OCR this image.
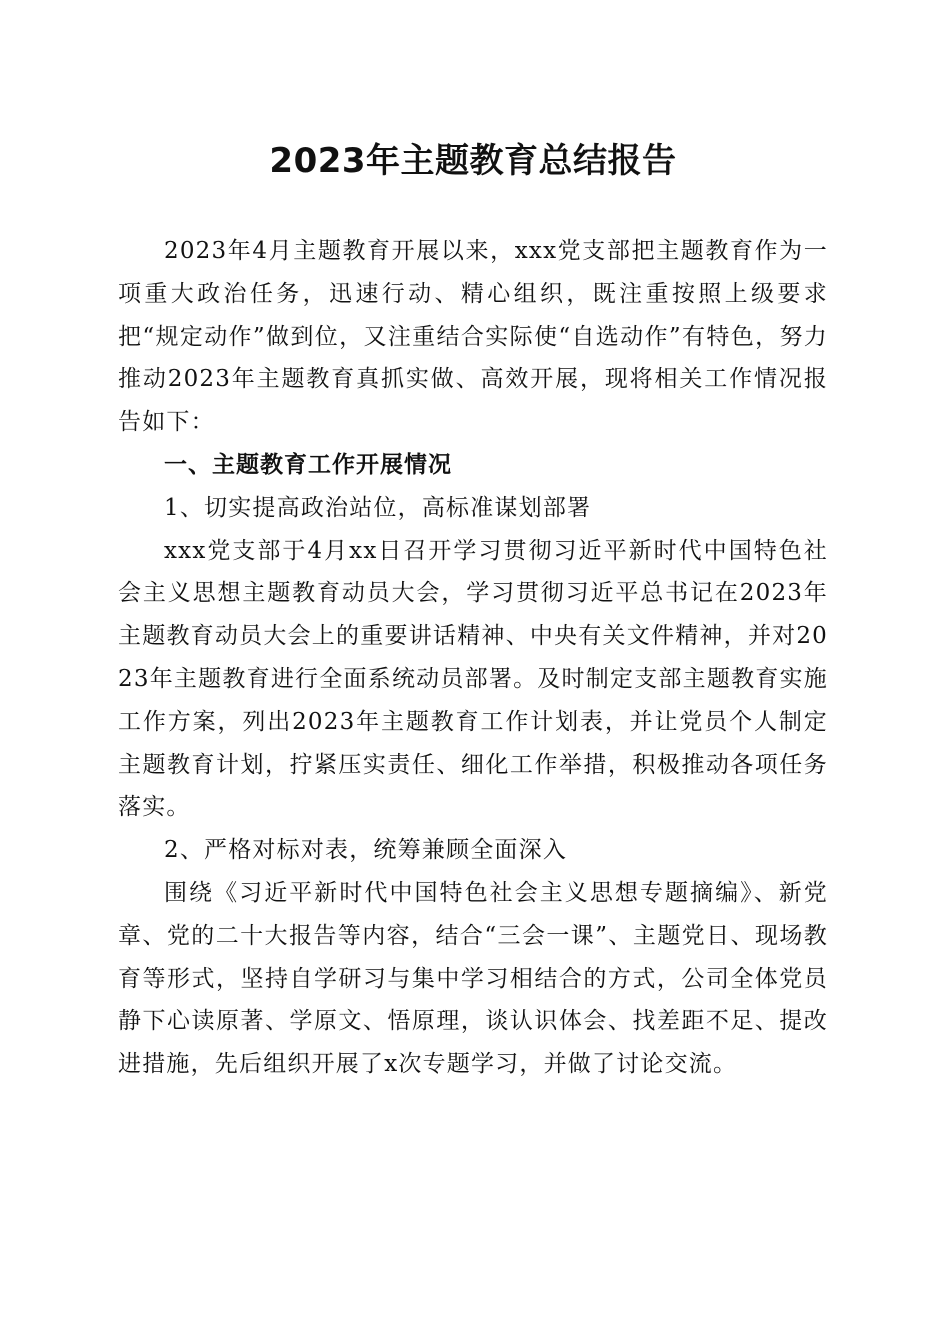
2023年主题教育总结报告

2023年4月主题教育开展以来，xxx党支部把主题教育作为一项重大政治任务，迅速行动、精心组织，既注重按照上级要求把“规定动作”做到位，又注重结合实际使“自选动作”有特色，努力推动2023年主题教育真抓实做、高效开展，现将相关工作情况报告如下：

一、主题教育工作开展情况

1、切实提高政治站位，高标准谋划部署

xxx党支部于4月xx日召开学习贯彻习近平新时代中国特色社会主义思想主题教育动员大会，学习贯彻习近平总书记在2023年主题教育动员大会上的重要讲话精神、中央有关文件精神，并对2023年主题教育进行全面系统动员部署。及时制定支部主题教育实施工作方案，列出2023年主题教育工作计划表，并让党员个人制定主题教育计划，拧紧压实责任、细化工作举措，积极推动各项任务落实。

2、严格对标对表，统筹兼顾全面深入

围绕《习近平新时代中国特色社会主义思想专题摘编》、新党章、党的二十大报告等内容，结合“三会一课”、主题党日、现场教育等形式，坚持自学研习与集中学习相结合的方式，公司全体党员静下心读原著、学原文、悟原理，谈认识体会、找差距不足、提改进措施，先后组织开展了x次专题学习，并做了讨论交流。
